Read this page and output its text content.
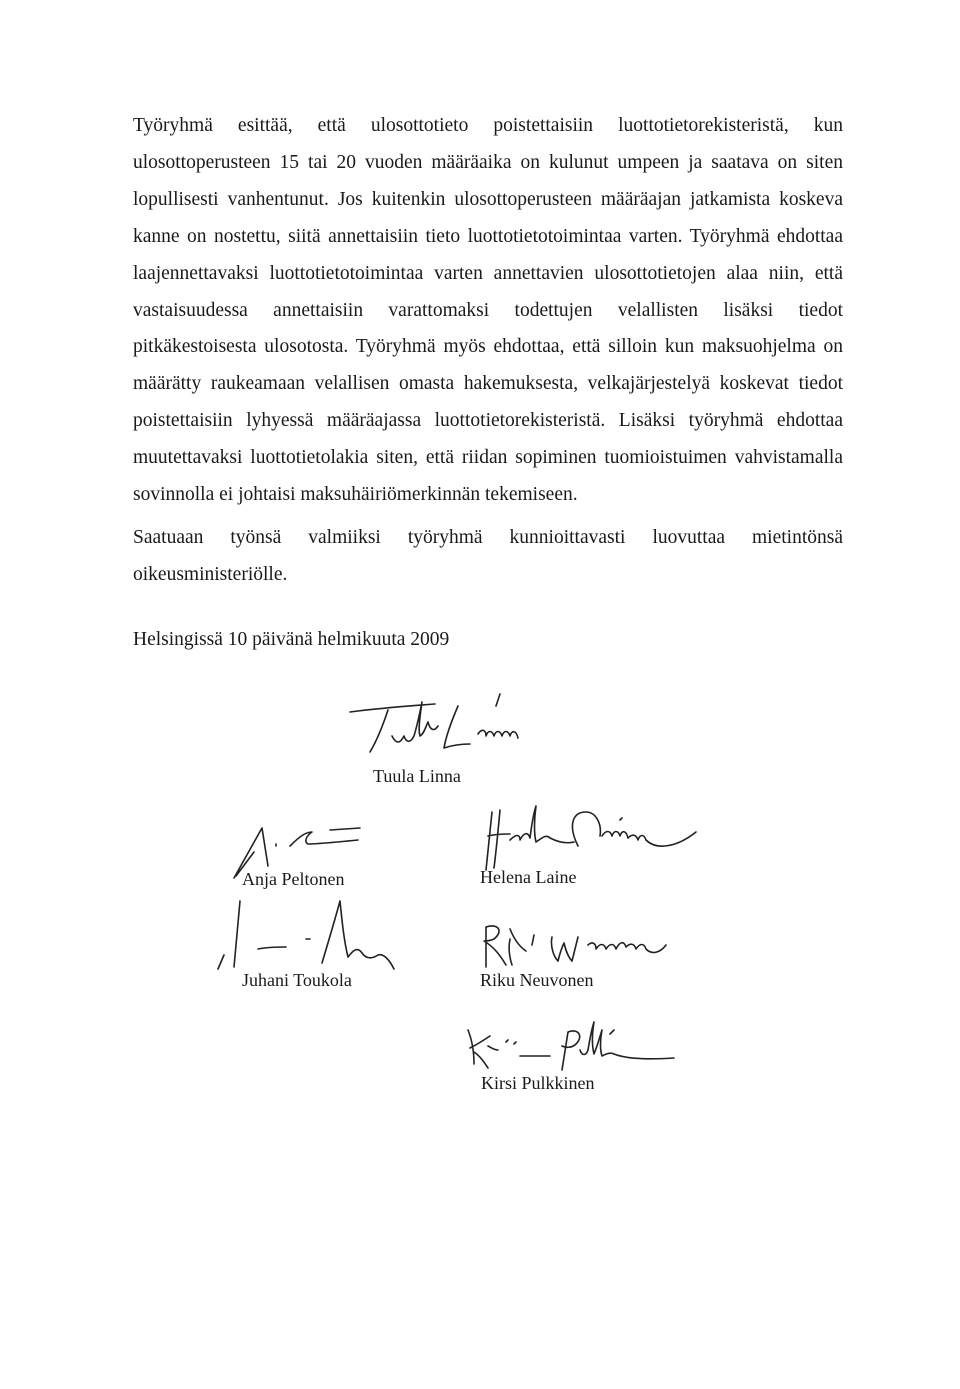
Työryhmä esittää, että ulosottotieto poistettaisiin luottotietorekisteristä, kun ulosottoperusteen 15 tai 20 vuoden määräaika on kulunut umpeen ja saatava on siten lopullisesti vanhentunut. Jos kuitenkin ulosottoperusteen määräajan jatkamista koskeva kanne on nostettu, siitä annettaisiin tieto luottotietotoimintaa varten. Työryhmä ehdottaa laajennettavaksi luottotietotoimintaa varten annettavien ulosottotietojen alaa niin, että vastaisuudessa annettaisiin varattomaksi todettujen velallisten lisäksi tiedot pitkäkestoisesta ulosotosta. Työryhmä myös ehdottaa, että silloin kun maksuohjelma on määrätty raukeamaan velallisen omasta hakemuksesta, velkajärjestelyä koskevat tiedot poistettaisiin lyhyessä määräajassa luottotietorekisteristä. Lisäksi työryhmä ehdottaa muutettavaksi luottotietolakia siten, että riidan sopiminen tuomioistuimen vahvistamalla sovinnolla ei johtaisi maksuhäiriömerkinnän tekemiseen.

Saatuaan työnsä valmiiksi työryhmä kunnioittavasti luovuttaa mietintönsä oikeusministeriölle.

Helsingissä 10 päivänä helmikuuta 2009

Tuula Linna
Anja Peltonen	Helena Laine
Juhani Toukola	Riku Neuvonen
Kirsi Pulkkinen
